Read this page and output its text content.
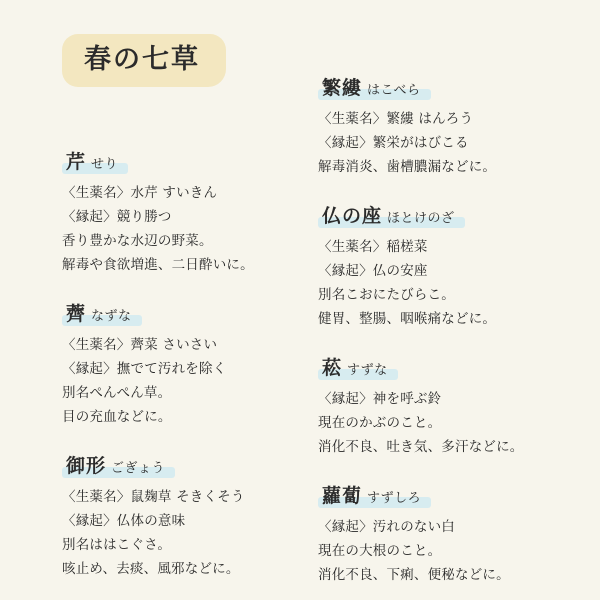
春の七草
芹 せり
〈生薬名〉水芹 すいきん
〈縁起〉競り勝つ
香り豊かな水辺の野菜。
解毒や食欲増進、二日酔いに。
薺 なずな
〈生薬名〉薺菜 さいさい
〈縁起〉撫でて汚れを除く
別名ぺんぺん草。
目の充血などに。
御形 ごぎょう
〈生薬名〉鼠麹草 そきくそう
〈縁起〉仏体の意味
別名ははこぐさ。
咳止め、去痰、風邪などに。
繁縷 はこべら
〈生薬名〉繁縷 はんろう
〈縁起〉繁栄がはびこる
解毒消炎、歯槽膿漏などに。
仏の座 ほとけのざ
〈生薬名〉稲槎菜
〈縁起〉仏の安座
別名こおにたびらこ。
健胃、整腸、咽喉痛などに。
菘 すずな
〈縁起〉神を呼ぶ鈴
現在のかぶのこと。
消化不良、吐き気、多汗などに。
蘿蔔 すずしろ
〈縁起〉汚れのない白
現在の大根のこと。
消化不良、下痢、便秘などに。
